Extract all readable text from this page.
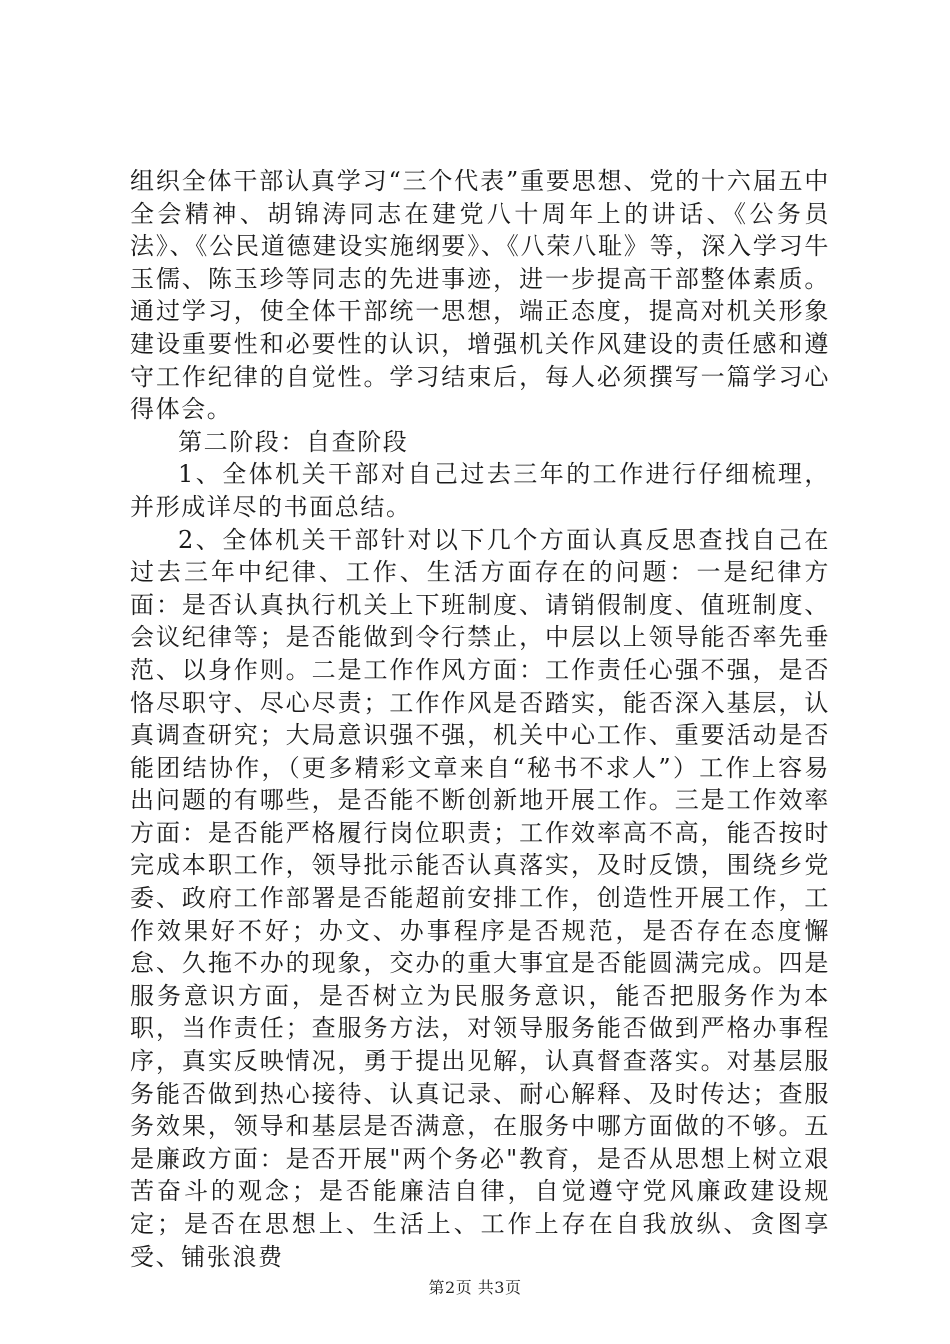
组织全体干部认真学习“三个代表”重要思想、党的十六届五中全会精神、胡锦涛同志在建党八十周年上的讲话、《公务员法》、《公民道德建设实施纲要》、《八荣八耻》等，深入学习牛玉儒、陈玉珍等同志的先进事迹，进一步提高干部整体素质。通过学习，使全体干部统一思想，端正态度，提高对机关形象建设重要性和必要性的认识，增强机关作风建设的责任感和遵守工作纪律的自觉性。学习结束后，每人必须撰写一篇学习心得体会。

第二阶段：自查阶段

1、全体机关干部对自己过去三年的工作进行仔细梳理，并形成详尽的书面总结。

2、全体机关干部针对以下几个方面认真反思查找自己在过去三年中纪律、工作、生活方面存在的问题：一是纪律方面：是否认真执行机关上下班制度、请销假制度、值班制度、会议纪律等；是否能做到令行禁止，中层以上领导能否率先垂范、以身作则。二是工作作风方面：工作责任心强不强，是否恪尽职守、尽心尽责；工作作风是否踏实，能否深入基层，认真调查研究；大局意识强不强，机关中心工作、重要活动是否能团结协作，（更多精彩文章来自“秘书不求人”）工作上容易出问题的有哪些，是否能不断创新地开展工作。三是工作效率方面：是否能严格履行岗位职责；工作效率高不高，能否按时完成本职工作，领导批示能否认真落实，及时反馈，围绕乡党委、政府工作部署是否能超前安排工作，创造性开展工作，工作效果好不好；办文、办事程序是否规范，是否存在态度懈怠、久拖不办的现象，交办的重大事宜是否能圆满完成。四是服务意识方面，是否树立为民服务意识，能否把服务作为本职，当作责任；查服务方法，对领导服务能否做到严格办事程序，真实反映情况，勇于提出见解，认真督查落实。对基层服务能否做到热心接待、认真记录、耐心解释、及时传达；查服务效果，领导和基层是否满意，在服务中哪方面做的不够。五是廉政方面：是否开展"两个务必"教育，是否从思想上树立艰苦奋斗的观念；是否能廉洁自律，自觉遵守党风廉政建设规定；是否在思想上、生活上、工作上存在自我放纵、贪图享受、铺张浪费

第2页 共3页
